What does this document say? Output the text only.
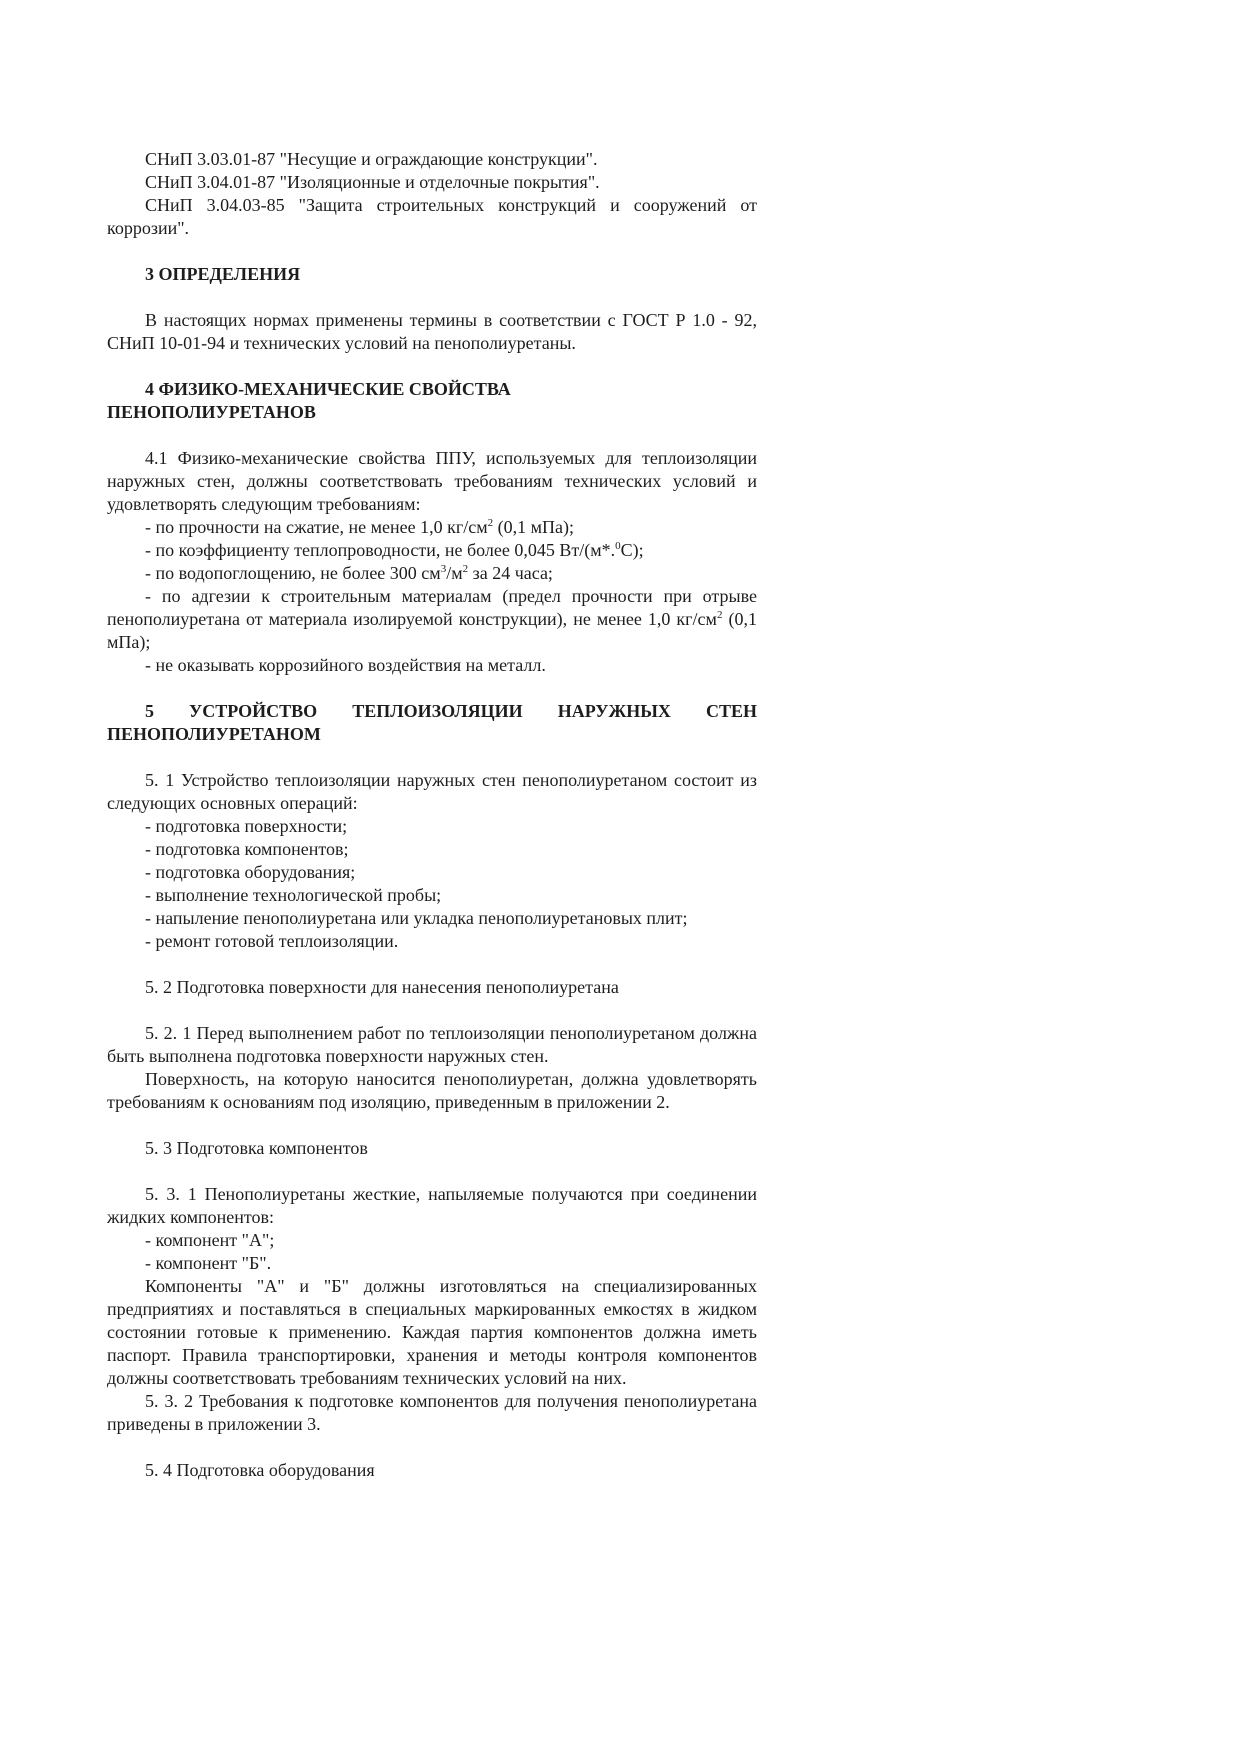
СНиП 3.03.01-87 "Несущие и ограждающие конструкции".
СНиП 3.04.01-87 "Изоляционные и отделочные покрытия".
СНиП 3.04.03-85 "Защита строительных конструкций и сооружений от коррозии".
3 ОПРЕДЕЛЕНИЯ
В настоящих нормах применены термины в соответствии с ГОСТ Р 1.0 - 92, СНиП 10-01-94 и технических условий на пенополиуретаны.
4 ФИЗИКО-МЕХАНИЧЕСКИЕ СВОЙСТВА
ПЕНОПОЛИУРЕТАНОВ
4.1 Физико-механические свойства ППУ, используемых для теплоизоляции наружных стен, должны соответствовать требованиям технических условий и удовлетворять следующим требованиям:
- по прочности на сжатие, не менее 1,0 $кг/см^2$ (0,1 мПа);
- по коэффициенту теплопроводности, не более 0,045 Вт/(м*.$^0$С);
- по водопоглощению, не более 300 $см^3/м^2$ за 24 часа;
- по адгезии к строительным материалам (предел прочности при отрыве пенополиуретана от материала изолируемой конструкции), не менее 1,0 $кг/см^2$ (0,1 мПа);
- не оказывать коррозийного воздействия на металл.
5 УСТРОЙСТВО ТЕПЛОИЗОЛЯЦИИ НАРУЖНЫХ СТЕН ПЕНОПОЛИУРЕТАНОМ
5. 1 Устройство теплоизоляции наружных стен пенополиуретаном состоит из следующих основных операций:
- подготовка поверхности;
- подготовка компонентов;
- подготовка оборудования;
- выполнение технологической пробы;
- напыление пенополиуретана или укладка пенополиуретановых плит;
- ремонт готовой теплоизоляции.
5. 2 Подготовка поверхности для нанесения пенополиуретана
5. 2. 1 Перед выполнением работ по теплоизоляции пенополиуретаном должна быть выполнена подготовка поверхности наружных стен.
Поверхность, на которую наносится пенополиуретан, должна удовлетворять требованиям к основаниям под изоляцию, приведенным в приложении 2.
5. 3 Подготовка компонентов
5. 3. 1 Пенополиуретаны жесткие, напыляемые получаются при соединении жидких компонентов:
- компонент "А";
- компонент "Б".
Компоненты "А" и "Б" должны изготовляться на специализированных предприятиях и поставляться в специальных маркированных емкостях в жидком состоянии готовые к применению. Каждая партия компонентов должна иметь паспорт. Правила транспортировки, хранения и методы контроля компонентов должны соответствовать требованиям технических условий на них.
5. 3. 2 Требования к подготовке компонентов для получения пенополиуретана приведены в приложении 3.
5. 4 Подготовка оборудования
